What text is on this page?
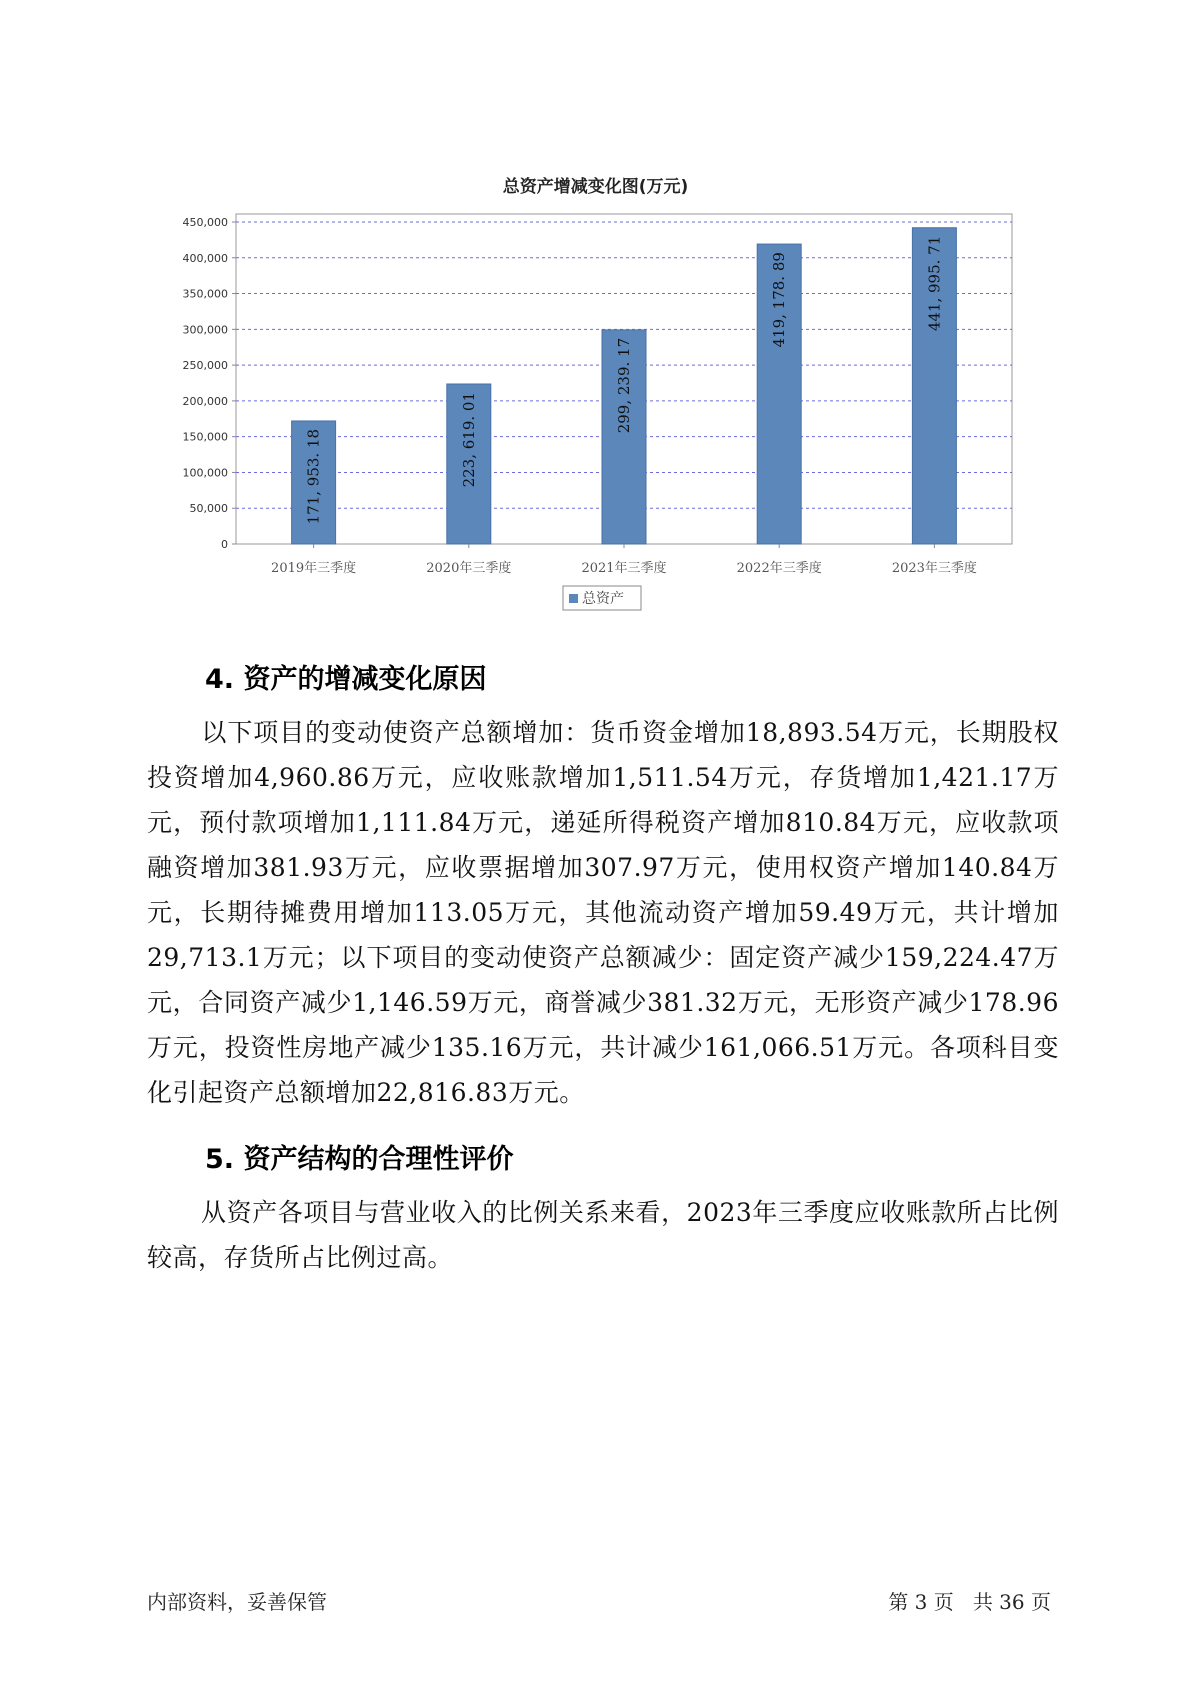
总资产增减变化图(万元)
0
50,000
100,000
150,000
200,000
250,000
300,000
350,000
400,000
450,000
171, 953. 18
2019年三季度
223, 619. 01
2020年三季度
299, 239. 17
2021年三季度
419, 178. 89
2022年三季度
441, 995. 71
2023年三季度
总资产
4. 资产的增减变化原因
以下项目的变动使资产总额增加：货币资金增加18,893.54万元，长期股权投资增加4,960.86万元，应收账款增加1,511.54万元，存货增加1,421.17万元，预付款项增加1,111.84万元，递延所得税资产增加810.84万元，应收款项融资增加381.93万元，应收票据增加307.97万元，使用权资产增加140.84万元，长期待摊费用增加113.05万元，其他流动资产增加59.49万元，共计增加29,713.1万元；以下项目的变动使资产总额减少：固定资产减少159,224.47万元，合同资产减少1,146.59万元，商誉减少381.32万元，无形资产减少178.96万元，投资性房地产减少135.16万元，共计减少161,066.51万元。各项科目变化引起资产总额增加22,816.83万元。
5. 资产结构的合理性评价
从资产各项目与营业收入的比例关系来看，2023年三季度应收账款所占比例较高，存货所占比例过高。
内部资料，妥善保管	第 3 页   共 36 页
